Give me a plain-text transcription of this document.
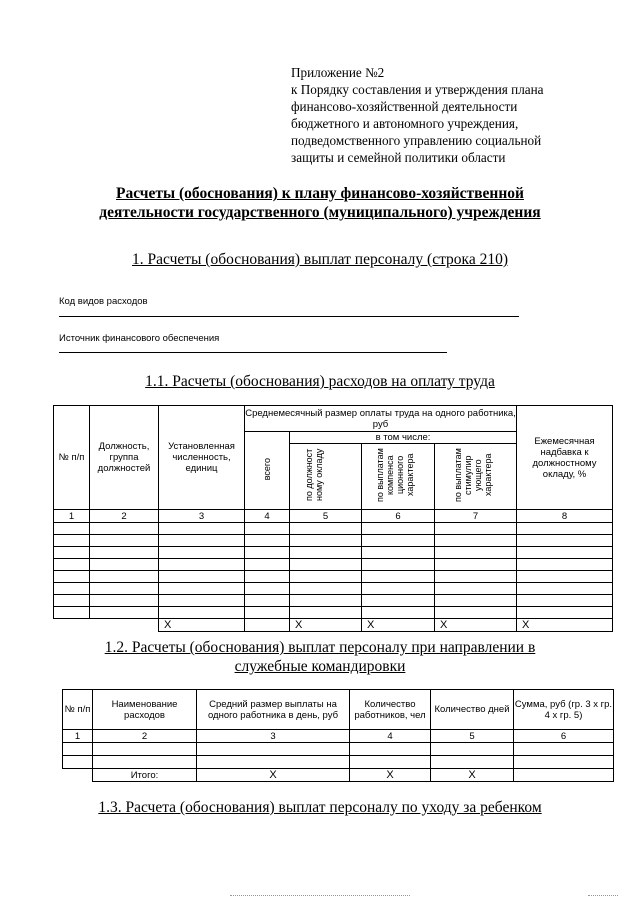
Приложение №2
к Порядку составления и утверждения плана
финансово-хозяйственной деятельности
бюджетного и автономного учреждения,
подведомственного управлению социальной
защиты и семейной политики области
Расчеты (обоснования) к плану финансово-хозяйственной
деятельности государственного (муниципального) учреждения
1. Расчеты (обоснования) выплат персоналу (строка 210)
Код видов расходов
Источник финансового обеспечения
1.1. Расчеты (обоснования) расходов на оплату труда
№ п/п	Должность, группа должностей	Установленная численность, единиц	Среднемесячный размер оплаты труда на одного работника, руб				Ежемесячная надбавка к должностному окладу, %
			всего	в том числе:			
				по должност ному окладу	по выплатам компенса ционного характера	по выплатам стимулир ующего характера	
1	2	3	4	5	6	7	8

		X		X	X	X	X
1.2. Расчеты (обоснования) выплат персоналу при направлении в
служебные командировки
№ п/п	Наименование расходов	Средний размер выплаты на одного работника в день, руб	Количество работников, чел	Количество дней	Сумма, руб (гр. 3 х гр. 4 х гр. 5)
1	2	3	4	5	6

	Итого:	X	X	X	
1.3. Расчета (обоснования) выплат персоналу по уходу за ребенком
